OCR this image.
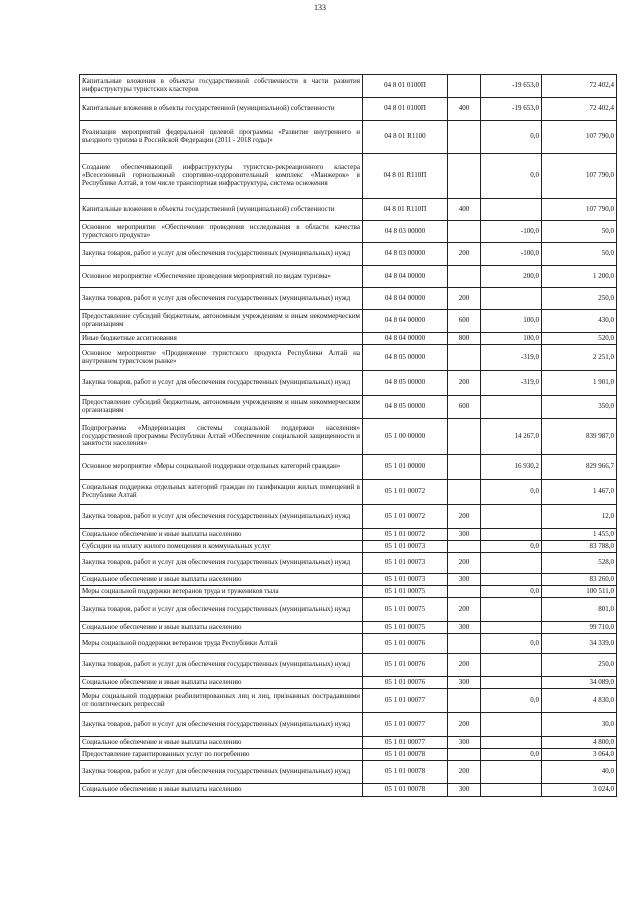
133
Капитальные вложения в объекты государственной собственности в части развития инфраструктуры туристских кластеров	04 8 01 0100П		-19 653,0	72 402,4
Капитальные вложения в объекты государственной (муниципальной) собственности	04 8 01 0100П	400	-19 653,0	72 402,4
Реализация мероприятий федеральной целевой программы «Развитие внутреннего и въездного туризма в Российской Федерации (2011 - 2018 годы)»	04 8 01 R1100		0,0	107 790,0
Создание обеспечивающей инфраструктуры туристско-рекреационного кластера «Всесезонный горнолыжный спортивно-оздоровительный комплекс «Манжерок» в Республике Алтай, в том числе транспортная инфраструктура, система оснежения	04 8 01 R110П		0,0	107 790,0
Капитальные вложения в объекты государственной (муниципальной) собственности	04 8 01 R110П	400		107 790,0
Основное мероприятие «Обеспечение проведения исследования в области качества туристского продукта»	04 8 03 00000		-100,0	50,0
Закупка товаров, работ и услуг для обеспечения государственных (муниципальных) нужд	04 8 03 00000	200	-100,0	50,0
Основное мероприятие «Обеспечение проведения мероприятий по видам туризма»	04 8 04 00000		200,0	1 200,0
Закупка товаров, работ и услуг для обеспечения государственных (муниципальных) нужд	04 8 04 00000	200		250,0
Предоставление субсидий бюджетным, автономным учреждениям и иным некоммерческим организациям	04 8 04 00000	600	100,0	430,0
Иные бюджетные ассигнования	04 8 04 00000	800	100,0	520,0
Основное мероприятие «Продвижение туристского продукта Республики Алтай на внутреннем туристском рынке»	04 8 05 00000		-319,0	2 251,0
Закупка товаров, работ и услуг для обеспечения государственных (муниципальных) нужд	04 8 05 00000	200	-319,0	1 901,0
Предоставление субсидий бюджетным, автономным учреждениям и иным некоммерческим организациям	04 8 05 00000	600		350,0
Подпрограмма «Модернизация системы социальной поддержки населения» государственной программы Республики Алтай «Обеспечение социальной защищенности и занятости населения»	05 1 00 00000		14 267,0	839 987,0
Основное мероприятие «Меры социальной поддержки отдельных категорий граждан»	05 1 01 00000		16 930,2	829 966,7
Социальная поддержка отдельных категорий граждан по газификации жилых помещений в Республике Алтай	05 1 01 00072		0,0	1 467,0
Закупка товаров, работ и услуг для обеспечения государственных (муниципальных) нужд	05 1 01 00072	200		12,0
Социальное обеспечение и иные выплаты населению	05 1 01 00072	300		1 455,0
Субсидии на оплату жилого помещения и коммунальных услуг	05 1 01 00073		0,0	83 788,0
Закупка товаров, работ и услуг для обеспечения государственных (муниципальных) нужд	05 1 01 00073	200		528,0
Социальное обеспечение и иные выплаты населению	05 1 01 00073	300		83 260,0
Меры социальной поддержки ветеранов труда и тружеников тыла	05 1 01 00075		0,0	100 511,0
Закупка товаров, работ и услуг для обеспечения государственных (муниципальных) нужд	05 1 01 00075	200		801,0
Социальное обеспечение и иные выплаты населению	05 1 01 00075	300		99 710,0
Меры социальной поддержки ветеранов труда Республики Алтай	05 1 01 00076		0,0	34 339,0
Закупка товаров, работ и услуг для обеспечения государственных (муниципальных) нужд	05 1 01 00076	200		250,0
Социальное обеспечение и иные выплаты населению	05 1 01 00076	300		34 089,0
Меры социальной поддержки реабилитированных лиц и лиц, признанных пострадавшими от политических репрессий	05 1 01 00077		0,0	4 830,0
Закупка товаров, работ и услуг для обеспечения государственных (муниципальных) нужд	05 1 01 00077	200		30,0
Социальное обеспечение и иные выплаты населению	05 1 01 00077	300		4 800,0
Предоставление гарантированных услуг по погребению	05 1 01 00078		0,0	3 064,0
Закупка товаров, работ и услуг для обеспечения государственных (муниципальных) нужд	05 1 01 00078	200		40,0
Социальное обеспечение и иные выплаты населению	05 1 01 00078	300		3 024,0
